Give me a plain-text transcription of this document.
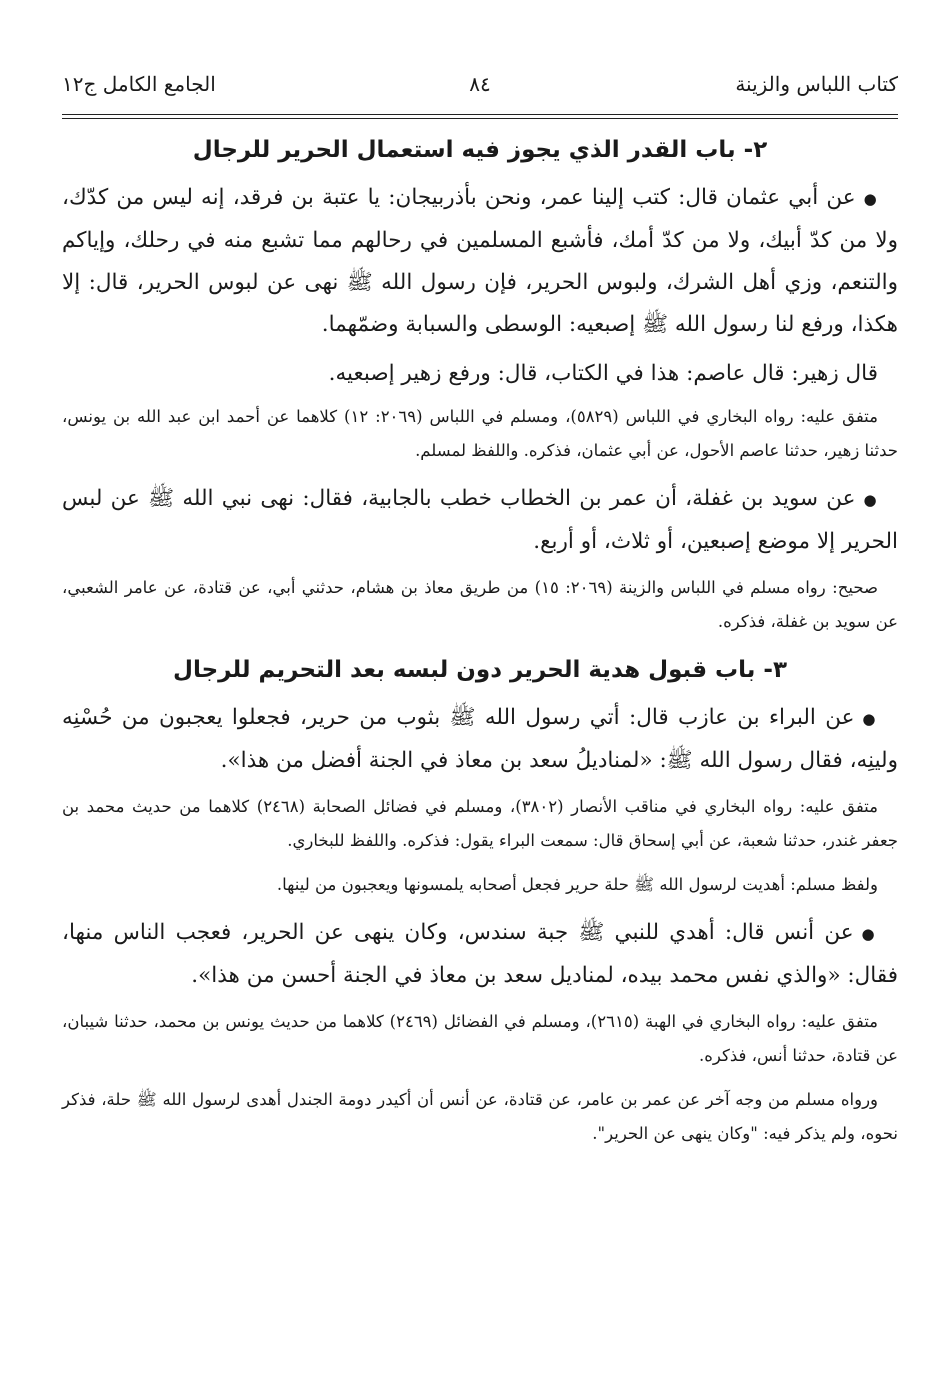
كتاب اللباس والزينة
٨٤
الجامع الكامل ج١٢
٢- باب القدر الذي يجوز فيه استعمال الحرير للرجال

●عن أبي عثمان قال: كتب إلينا عمر، ونحن بأذربيجان: يا عتبة بن فرقد، إنه ليس من كدّك، ولا من كدّ أبيك، ولا من كدّ أمك، فأشبع المسلمين في رحالهم مما تشبع منه في رحلك، وإياكم والتنعم، وزي أهل الشرك، ولبوس الحرير، فإن رسول الله ﷺ نهى عن لبوس الحرير، قال: إلا هكذا، ورفع لنا رسول الله ﷺ إصبعيه: الوسطى والسبابة وضمّهما.

قال زهير: قال عاصم: هذا في الكتاب، قال: ورفع زهير إصبعيه.

متفق عليه: رواه البخاري في اللباس (٥٨٢٩)، ومسلم في اللباس (٢٠٦٩: ١٢) كلاهما عن أحمد ابن عبد الله بن يونس، حدثنا زهير، حدثنا عاصم الأحول، عن أبي عثمان، فذكره. واللفظ لمسلم.

●عن سويد بن غفلة، أن عمر بن الخطاب خطب بالجابية، فقال: نهى نبي الله ﷺ عن لبس الحرير إلا موضع إصبعين، أو ثلاث، أو أربع.

صحيح: رواه مسلم في اللباس والزينة (٢٠٦٩: ١٥) من طريق معاذ بن هشام، حدثني أبي، عن قتادة، عن عامر الشعبي، عن سويد بن غفلة، فذكره.

٣- باب قبول هدية الحرير دون لبسه بعد التحريم للرجال

●عن البراء بن عازب قال: أتي رسول الله ﷺ بثوب من حرير، فجعلوا يعجبون من حُسْنِه ولينِه، فقال رسول الله ﷺ: «لمناديلُ سعد بن معاذ في الجنة أفضل من هذا».

متفق عليه: رواه البخاري في مناقب الأنصار (٣٨٠٢)، ومسلم في فضائل الصحابة (٢٤٦٨) كلاهما من حديث محمد بن جعفر غندر، حدثنا شعبة، عن أبي إسحاق قال: سمعت البراء يقول: فذكره. واللفظ للبخاري.

ولفظ مسلم: أهديت لرسول الله ﷺ حلة حرير فجعل أصحابه يلمسونها ويعجبون من لينها.

●عن أنس قال: أهدي للنبي ﷺ جبة سندس، وكان ينهى عن الحرير، فعجب الناس منها، فقال: «والذي نفس محمد بيده، لمناديل سعد بن معاذ في الجنة أحسن من هذا».

متفق عليه: رواه البخاري في الهبة (٢٦١٥)، ومسلم في الفضائل (٢٤٦٩) كلاهما من حديث يونس بن محمد، حدثنا شيبان، عن قتادة، حدثنا أنس، فذكره.

ورواه مسلم من وجه آخر عن عمر بن عامر، عن قتادة، عن أنس أن أكيدر دومة الجندل أهدى لرسول الله ﷺ حلة، فذكر نحوه، ولم يذكر فيه: "وكان ينهى عن الحرير".
